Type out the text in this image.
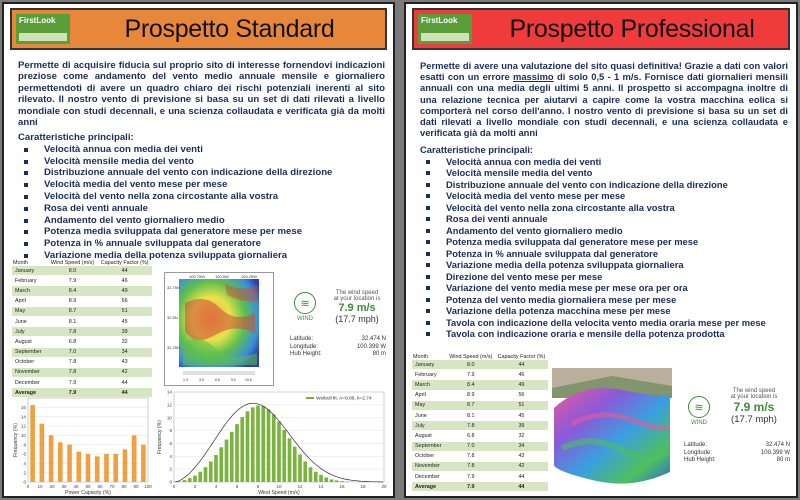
FirstLook	Prospetto Standard

Permette di acquisire fiducia sul proprio sito di interesse fornendovi indicazioni preziose come andamento del vento medio annuale mensile e giornaliero permettendoti di avere un quadro chiaro dei rischi potenziali inerenti al sito rilevato. Il nostro vento di previsione si basa su un set di dati rilevati a livello mondiale con studi decennali, e una scienza collaudata e verificata già da molti anni

Caratteristiche principali:
Velocità annua con media dei venti
Velocità mensile media del vento
Distribuzione annuale del vento con indicazione della direzione
Velocità media del vento mese per mese
Velocità del vento nella zona circostante alla vostra
Rosa dei venti annuale
Andamento del vento giornaliero medio
Potenza media sviluppata dal generatore mese per mese
Potenza in % annuale sviluppata dal generatore
Variazione media della potenza sviluppata giornaliera
Month	Wind Speed (m/s)	Capacity Factor (%)
January	8.0	44
February	7.9	46
March	8.4	49
April	8.9	56
May	8.7	51
June	8.1	45
July	7.8	39
August	6.8	32
September	7.0	34
October	7.8	43
November	7.8	42
December	7.9	44
Average	7.9	44
32.75N
32.5N
32.25N
100.75W 100.5W	100.25W
1.3	3.9	6.5	9.0	10.6
≋
WIND
The wind speed
at your location is
7.9 m/s
(17.7 mph)
Latitude:	32.474 N
Longitude:	100.399 W
Hub Height:	80 m
0
2
4
6
8
10
12
14
16
0 10 20 30 40 50 60 70 80 90 100
Power Capacity (%)
Frequency (%)
0
2
4
6
8
10
12
14
0	2	4	6	8	10	12	14	16	18	20
Wind Speed (m/s)
Frequency (%)
Weibull fit: A=8.88, k=2.74
FirstLook	Prospetto Professional

Permette di avere una valutazione del sito quasi definitiva! Grazie a dati con valori esatti con un errore massimo di solo 0,5 - 1 m/s. Fornisce dati giornalieri mensili annuali con una media degli ultimi 5 anni. Il prospetto si accompagna inoltre di una relazione tecnica per aiutarvi a capire come la vostra macchina eolica si comporterà nel corso dell'anno. I nostro vento di previsione si basa su un set di dati rilevati a livello mondiale con studi decennali, e una scienza collaudata e verificata già da molti anni

Caratteristiche principali:
Velocità annua con media dei venti
Velocità mensile media del vento
Distribuzione annuale del vento con indicazione della direzione
Velocità media del vento mese per mese
Velocità del vento nella zona circostante alla vostra
Rosa dei venti annuale
Andamento del vento giornaliero medio
Potenza media sviluppata dal generatore mese per mese
Potenza in % annuale sviluppata dal generatore
Variazione media della potenza sviluppata giornaliera
Direzione del vento mese per mese
Variazione del vento media mese per mese ora per ora
Potenza del vento media giornaliera mese per mese
Variazione della potenza macchina mese per mese
Tavola con indicazione della velocita vento media oraria mese per mese
Tavola con indicazione oraria e mensile della potenza prodotta
Month	Wind Speed (m/s)	Capacity Factor (%)
January	8.0	44
February	7.9	46
March	8.4	49
April	8.9	56
May	8.7	51
June	8.1	45
July	7.8	39
August	6.8	32
September	7.0	34
October	7.8	43
November	7.8	42
December	7.9	44
Average	7.9	44
≋
WIND
The wind speed
at your location is
7.9 m/s
(17.7 mph)
Latitude:	32.474 N
Longitude:	100.399 W
Hub Height:	80 m
